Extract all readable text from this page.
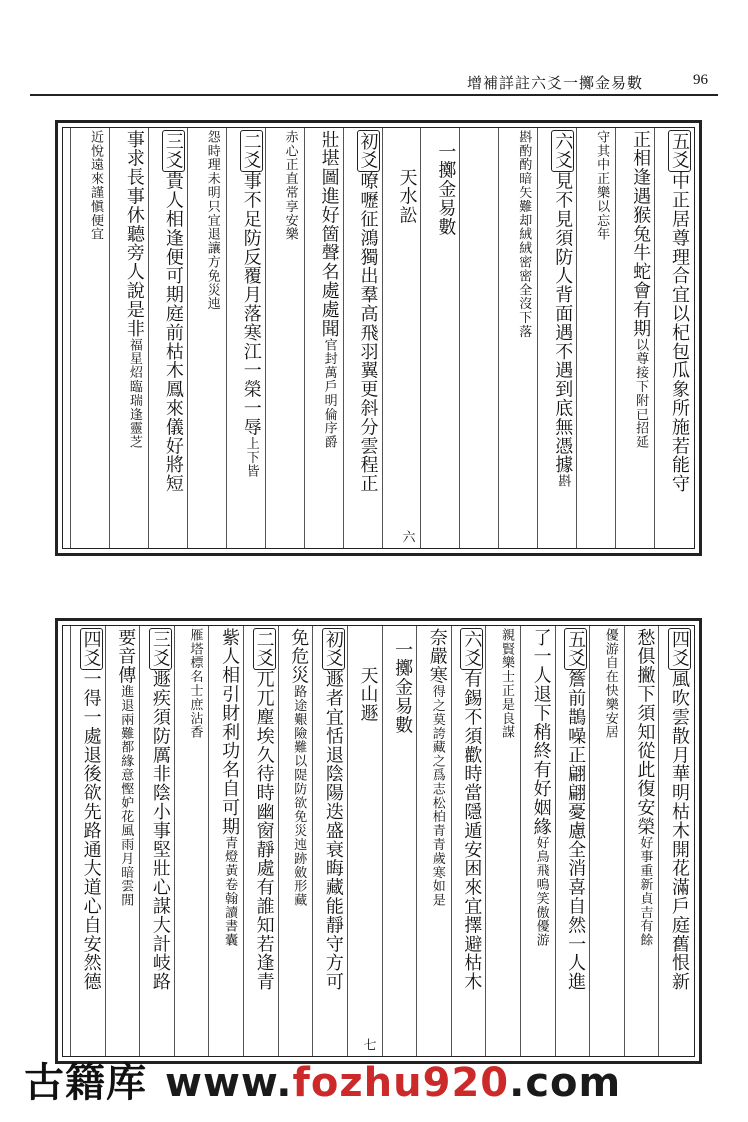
增補詳註六爻一擲金易數	96
五爻中正居尊理合宜以杞包瓜象所施若能守
正相逢遇猴兔牛蛇會有期以尊接下附已招延
守其中正樂以忘年
六爻見不見須防人背面遇不遇到底無憑據斟
斟酌酌暗矢難却絨絨密密全沒下落
一擲金易數
天水訟
六
初爻嘹嚦征鴻獨出羣高飛羽翼更斜分雲程正
壯堪圖進好箇聲名處處聞官封萬戶明倫序爵
赤心正直常享安樂
二爻事不足防反覆月落寒江一榮一辱上下皆
怨時理未明只宜退讓方免災迍
三爻貴人相逢便可期庭前枯木鳳來儀好將短
事求長事休聽旁人說是非福星炤臨瑞逢靈芝
近悅遠來謹愼便宜
四爻風吹雲散月華明枯木開花滿戶庭舊恨新
愁俱撇下須知從此復安榮好事重新貞吉有餘
優游自在快樂安居
五爻簷前鵲噪正翩翩憂慮全消喜自然一人進
了一人退下稍終有好姻緣好鳥飛鳴笑傲優游
親賢樂士正是良謀
六爻有錫不須歡時當隱遁安困來宜擇避枯木
奈嚴寒得之莫誇藏之爲志松柏青青歲寒如是
一擲金易數
天山遯
七
初爻遯者宜恬退陰陽迭盛衰晦藏能靜守方可
免危災路途艱險難以隄防欲免災迍跡斂形藏
二爻兀兀塵埃久待時幽窗靜處有誰知若逢青
紫人相引財利功名自可期青燈黃卷翰讀書囊
雁塔標名士庶沾香
三爻遯疾須防厲非陰小事堅壯心謀大計岐路
要音傳進退兩難都緣意慳妒花風雨月暗雲閒
四爻一得一處退後欲先路通大道心自安然德
古籍库 www.fozhu920.com
